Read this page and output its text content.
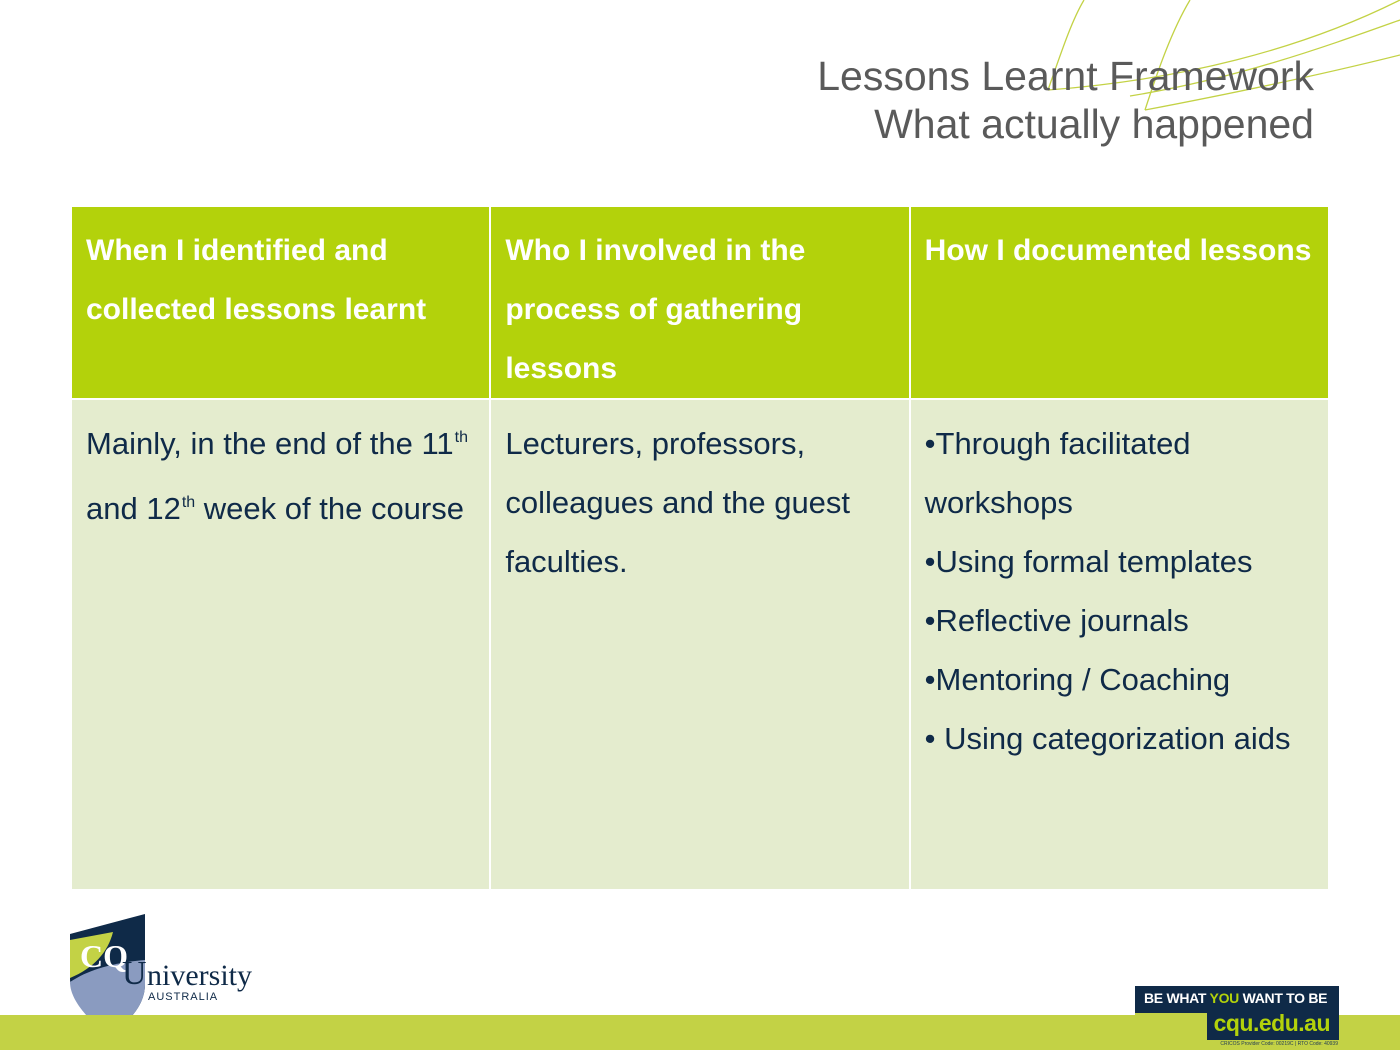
Lessons Learnt Framework
What actually happened
When I identified and collected lessons learnt	Who I involved in the process of gathering lessons	How I documented lessons
Mainly, in the end of the 11th and 12th week of the course	Lecturers, professors, colleagues and the guest faculties.	•Through facilitated workshops
•Using formal templates
•Reflective journals
•Mentoring / Coaching
• Using categorization aids
CQ
U niversity
AUSTRALIA	BE WHAT YOU WANT TO BE
cqu.edu.au
CRICOS Provider Code: 00219C | RTO Code: 40939
